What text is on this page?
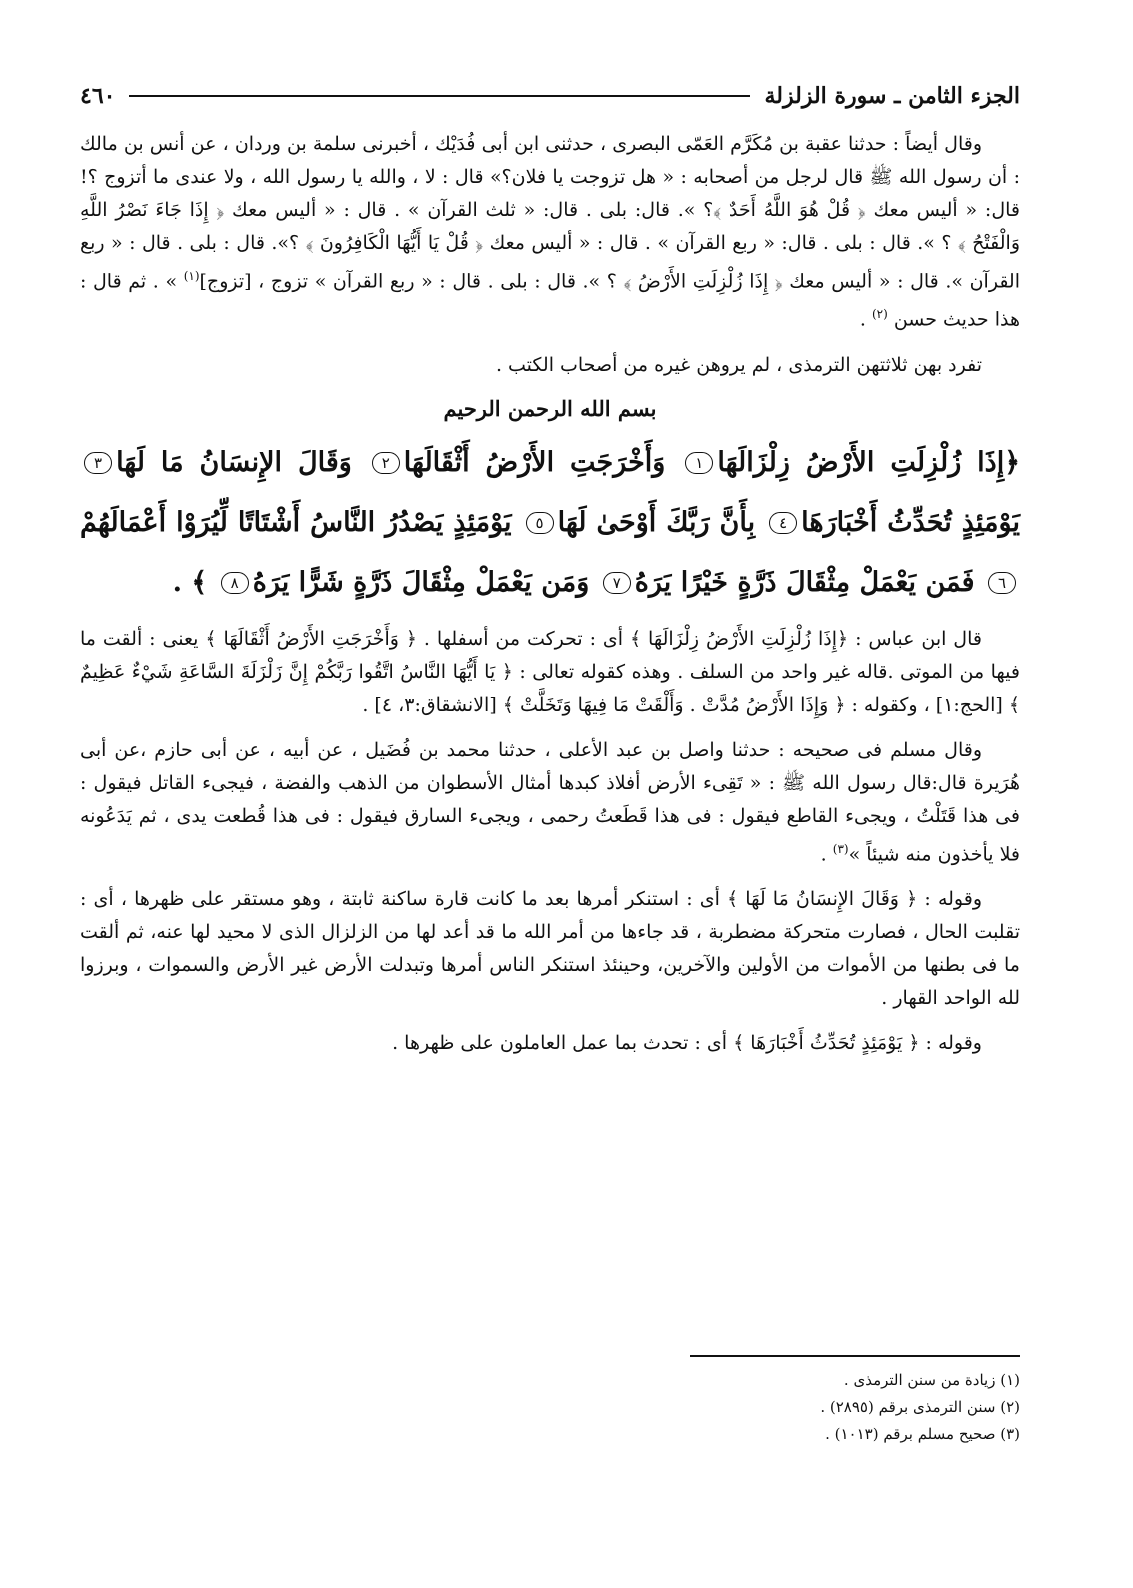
الجزء الثامن ـ سورة الزلزلة
٤٦٠

وقال أيضاً : حدثنا عقبة بن مُكَرَّم العَمّى البصرى ، حدثنى ابن أبى فُدَيْك ، أخبرنى سلمة بن وردان ، عن أنس بن مالك : أن رسول الله ﷺ قال لرجل من أصحابه : « هل تزوجت يا فلان؟» قال : لا ، والله يا رسول الله ، ولا عندى ما أتزوج ؟! قال: « أليس معك ﴿ قُلْ هُوَ اللَّهُ أَحَدٌ ﴾؟ ». قال: بلى . قال: « ثلث القرآن » . قال : « أليس معك ﴿ إِذَا جَاءَ نَصْرُ اللَّهِ وَالْفَتْحُ ﴾ ؟ ». قال : بلى . قال: « ربع القرآن » . قال : « أليس معك ﴿ قُلْ يَا أَيُّهَا الْكَافِرُونَ ﴾ ؟». قال : بلى . قال : « ربع القرآن ». قال : « أليس معك ﴿ إِذَا زُلْزِلَتِ الأَرْضُ ﴾ ؟ ». قال : بلى . قال : « ربع القرآن » تزوج ، [تزوج]$^{(١)}$ » . ثم قال : هذا حديث حسن $^{(٢)}$ .

تفرد بهن ثلاثتهن الترمذى ، لم يروهن غيره من أصحاب الكتب .

بسم الله الرحمن الرحيم
﴿إِذَا زُلْزِلَتِ الأَرْضُ زِلْزَالَهَا١ وَأَخْرَجَتِ الأَرْضُ أَثْقَالَهَا٢ وَقَالَ الإِنسَانُ مَا لَهَا٣ يَوْمَئِذٍ تُحَدِّثُ أَخْبَارَهَا٤ بِأَنَّ رَبَّكَ أَوْحَىٰ لَهَا٥ يَوْمَئِذٍ يَصْدُرُ النَّاسُ أَشْتَاتًا لِّيُرَوْا أَعْمَالَهُمْ٦ فَمَن يَعْمَلْ مِثْقَالَ ذَرَّةٍ خَيْرًا يَرَهُ٧ وَمَن يَعْمَلْ مِثْقَالَ ذَرَّةٍ شَرًّا يَرَهُ٨ ﴾ .

قال ابن عباس : ﴿إِذَا زُلْزِلَتِ الأَرْضُ زِلْزَالَهَا ﴾ أى : تحركت من أسفلها . ﴿ وَأَخْرَجَتِ الأَرْضُ أَثْقَالَهَا ﴾ يعنى : ألقت ما فيها من الموتى .قاله غير واحد من السلف . وهذه كقوله تعالى : ﴿ يَا أَيُّهَا النَّاسُ اتَّقُوا رَبَّكُمْ إِنَّ زَلْزَلَةَ السَّاعَةِ شَيْءٌ عَظِيمٌ ﴾ [الحج:١] ، وكقوله : ﴿ وَإِذَا الأَرْضُ مُدَّتْ . وَأَلْقَتْ مَا فِيهَا وَتَخَلَّتْ ﴾ [الانشقاق:٣، ٤] .

وقال مسلم فى صحيحه : حدثنا واصل بن عبد الأعلى ، حدثنا محمد بن فُضَيل ، عن أبيه ، عن أبى حازم ،عن أبى هُرَيرة قال:قال رسول الله ﷺ : « تَقِىء الأرض أفلاذ كبدها أمثال الأسطوان من الذهب والفضة ، فيجىء القاتل فيقول : فى هذا قَتَلْتُ ، ويجىء القاطع فيقول : فى هذا قَطَعتُ رحمى ، ويجىء السارق فيقول : فى هذا قُطعت يدى ، ثم يَدَعُونه فلا يأخذون منه شيئاً »$^{(٣)}$ .

وقوله : ﴿ وَقَالَ الإِنسَانُ مَا لَهَا ﴾ أى : استنكر أمرها بعد ما كانت قارة ساكنة ثابتة ، وهو مستقر على ظهرها ، أى : تقلبت الحال ، فصارت متحركة مضطربة ، قد جاءها من أمر الله ما قد أعد لها من الزلزال الذى لا محيد لها عنه، ثم ألقت ما فى بطنها من الأموات من الأولين والآخرين، وحينئذ استنكر الناس أمرها وتبدلت الأرض غير الأرض والسموات ، وبرزوا لله الواحد القهار .

وقوله : ﴿ يَوْمَئِذٍ تُحَدِّثُ أَخْبَارَهَا ﴾ أى : تحدث بما عمل العاملون على ظهرها .

(١) زيادة من سنن الترمذى .

(٢) سنن الترمذى برقم (٢٨٩٥) .

(٣) صحيح مسلم برقم (١٠١٣) .
